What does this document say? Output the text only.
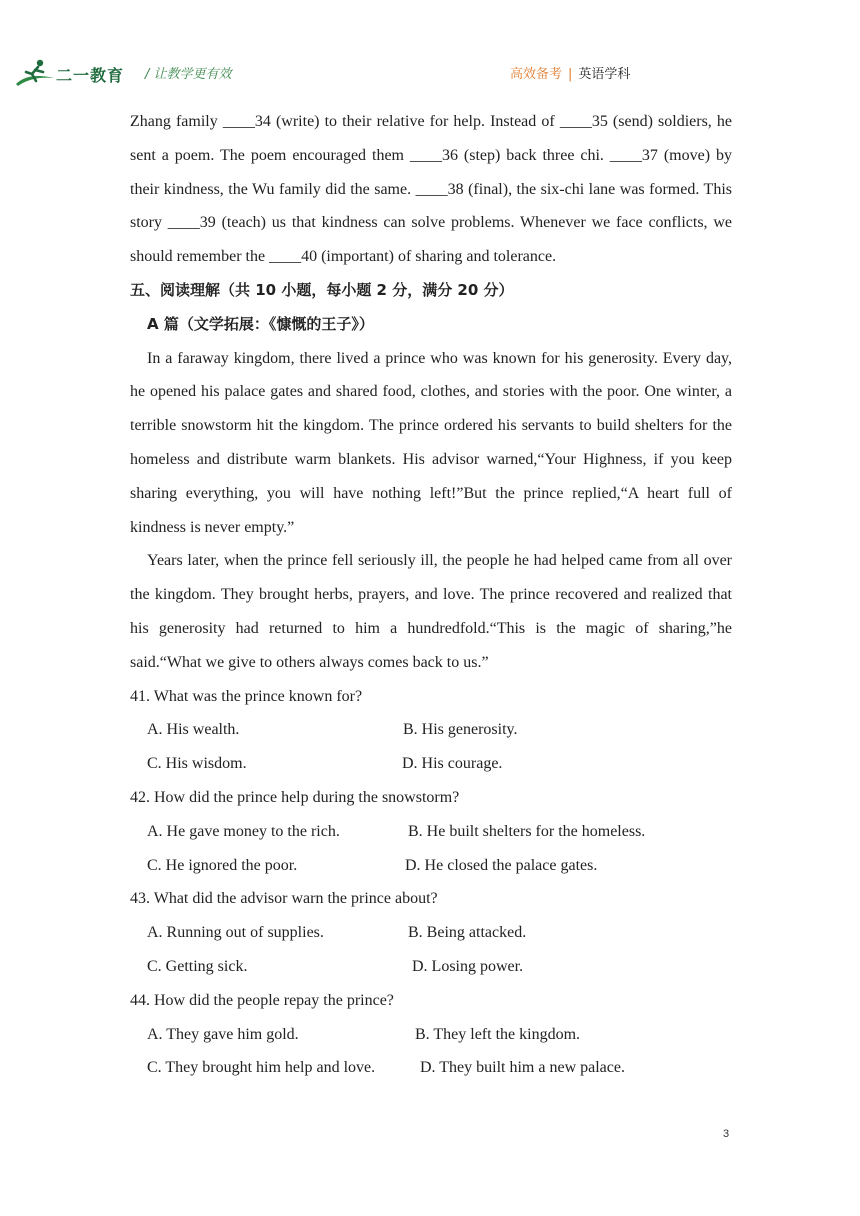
二一教育 / 让教学更有效	高效备考 | 英语学科

Zhang family ____34 (write) to their relative for help. Instead of ____35 (send) soldiers, he sent a poem. The poem encouraged them ____36 (step) back three chi. ____37 (move) by their kindness, the Wu family did the same. ____38 (final), the six-chi lane was formed. This story ____39 (teach) us that kindness can solve problems. Whenever we face conflicts, we should remember the ____40 (important) of sharing and tolerance.

五、阅读理解（共 10 小题，每小题 2 分，满分 20 分）

A 篇（文学拓展：《慷慨的王子》）

In a faraway kingdom, there lived a prince who was known for his generosity. Every day, he opened his palace gates and shared food, clothes, and stories with the poor. One winter, a terrible snowstorm hit the kingdom. The prince ordered his servants to build shelters for the homeless and distribute warm blankets. His advisor warned,“Your Highness, if you keep sharing everything, you will have nothing left!”But the prince replied,“A heart full of kindness is never empty.”

Years later, when the prince fell seriously ill, the people he had helped came from all over the kingdom. They brought herbs, prayers, and love. The prince recovered and realized that his generosity had returned to him a hundredfold.“This is the magic of sharing,”he said.“What we give to others always comes back to us.”

41. What was the prince known for?

A. His wealth.	B. His generosity.
C. His wisdom.	D. His courage.

42. How did the prince help during the snowstorm?

A. He gave money to the rich.	B. He built shelters for the homeless.
C. He ignored the poor.	D. He closed the palace gates.

43. What did the advisor warn the prince about?

A. Running out of supplies.	B. Being attacked.
C. Getting sick.	D. Losing power.

44. How did the people repay the prince?

A. They gave him gold.	B. They left the kingdom.
C. They brought him help and love.	D. They built him a new palace.
3
